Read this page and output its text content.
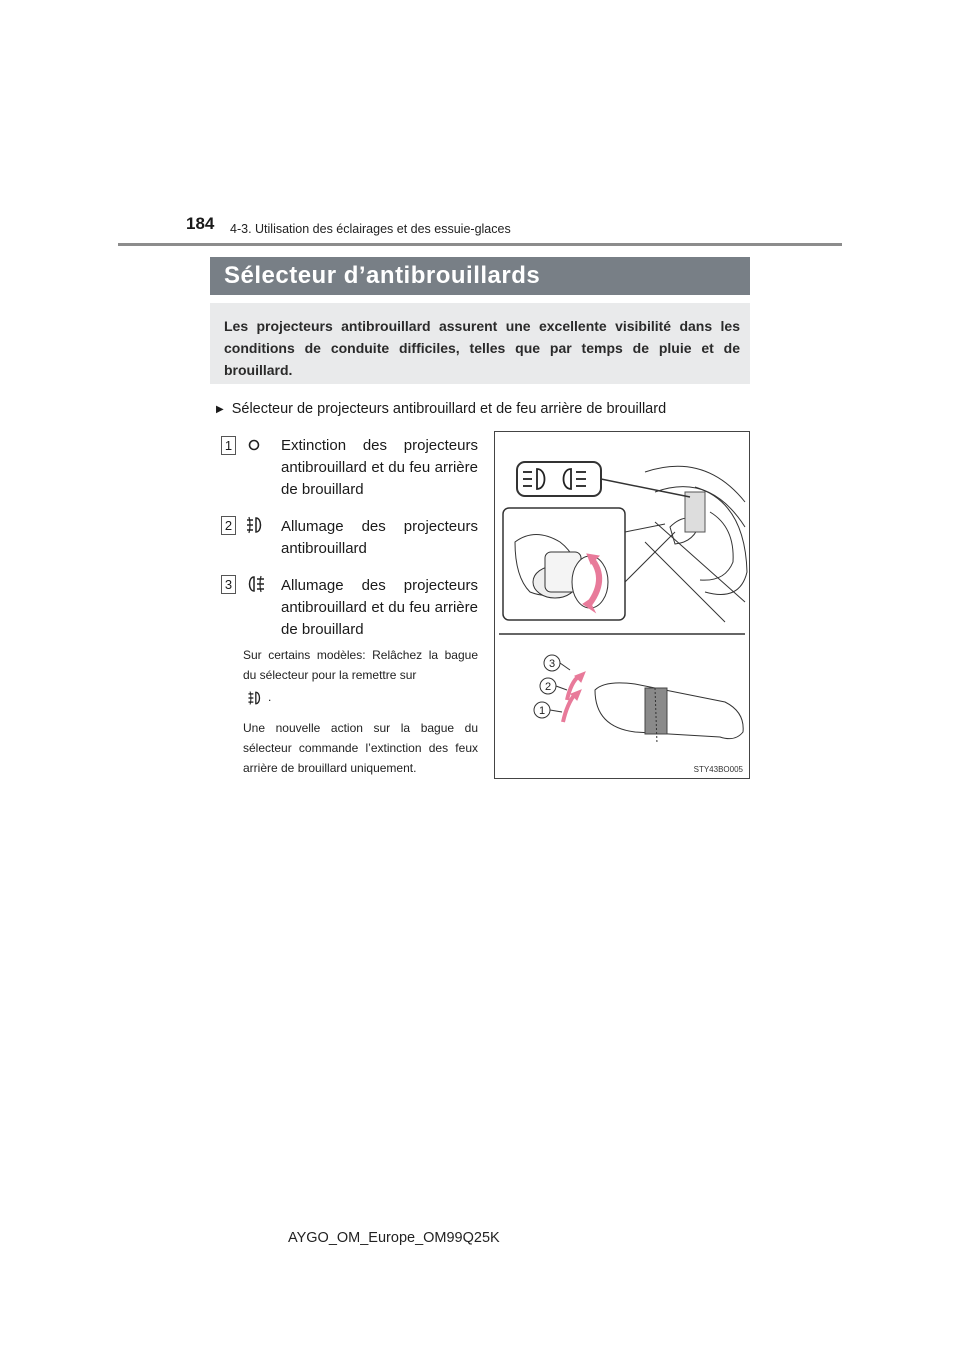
184 4-3. Utilisation des éclairages et des essuie-glaces
Sélecteur d’antibrouillards
Les projecteurs antibrouillard assurent une excellente visibilité dans les conditions de conduite difficiles, telles que par temps de pluie et de brouillard.
▶ Sélecteur de projecteurs antibrouillard et de feu arrière de brouillard
1	Extinction des projecteurs antibrouillard et du feu arrière de brouillard
2	Allumage des projecteurs antibrouillard
3	Allumage des projecteurs antibrouillard et du feu arrière de brouillard
Sur certains modèles: Relâchez la bague du sélecteur pour la remettre sur
.
Une nouvelle action sur la bague du sélecteur commande l’extinction des feux arrière de brouillard uniquement.
3
2
1
STY43BO005
AYGO_OM_Europe_OM99Q25K
